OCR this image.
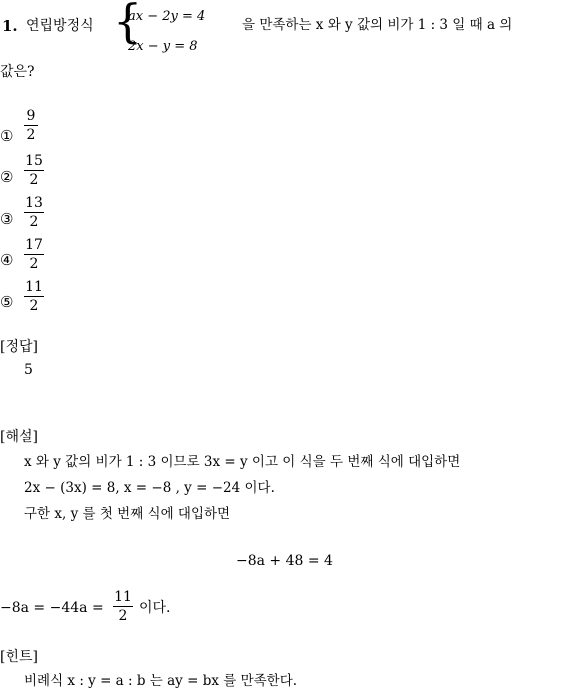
1. 연립방정식 {
ax − 2y = 4
2x − y = 8
을 만족하는 x 와 y 값의 비가 1 : 3 일 때 a 의
값은?
①
9
2
②
15
2
③
13
2
④
17
2
⑤
11
2
[정답]
5
[해설]
x 와 y 값의 비가 1 : 3 이므로 3x = y 이고 이 식을 두 번째 식에 대입하면
2x − (3x) = 8, x = −8 , y = −24 이다.
구한 x, y 를 첫 번째 식에 대입하면
−8a + 48 = 4
−8a = −44a =
11
2 이다.
[힌트]
비례식 x : y = a : b 는 ay = bx 를 만족한다.
